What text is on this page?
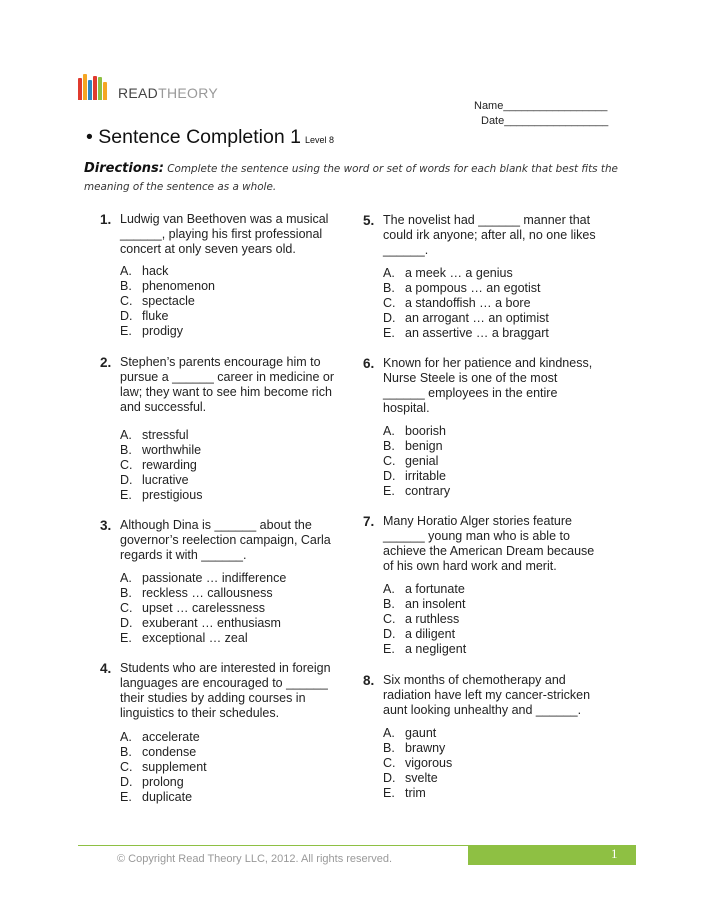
READTHEORY
Name_________________
Date_________________
• Sentence Completion 1 Level 8
Directions: Complete the sentence using the word or set of words for each blank that best fits the meaning of the sentence as a whole.
1. Ludwig van Beethoven was a musical
______, playing his first professional
concert at only seven years old.
A. hack
B. phenomenon
C. spectacle
D. fluke
E. prodigy
2. Stephen’s parents encourage him to
pursue a ______ career in medicine or
law; they want to see him become rich
and successful.
A. stressful
B. worthwhile
C. rewarding
D. lucrative
E. prestigious
3. Although Dina is ______ about the
governor’s reelection campaign, Carla
regards it with ______.
A. passionate … indifference
B. reckless … callousness
C. upset … carelessness
D. exuberant … enthusiasm
E. exceptional … zeal
4. Students who are interested in foreign
languages are encouraged to ______
their studies by adding courses in
linguistics to their schedules.
A. accelerate
B. condense
C. supplement
D. prolong
E. duplicate
5. The novelist had ______ manner that
could irk anyone; after all, no one likes
______.
A. a meek … a genius
B. a pompous … an egotist
C. a standoffish … a bore
D. an arrogant … an optimist
E. an assertive … a braggart
6. Known for her patience and kindness,
Nurse Steele is one of the most
______ employees in the entire
hospital.
A. boorish
B. benign
C. genial
D. irritable
E. contrary
7. Many Horatio Alger stories feature
______ young man who is able to
achieve the American Dream because
of his own hard work and merit.
A. a fortunate
B. an insolent
C. a ruthless
D. a diligent
E. a negligent
8. Six months of chemotherapy and
radiation have left my cancer-stricken
aunt looking unhealthy and ______.
A. gaunt
B. brawny
C. vigorous
D. svelte
E. trim
1
© Copyright Read Theory LLC, 2012. All rights reserved.
